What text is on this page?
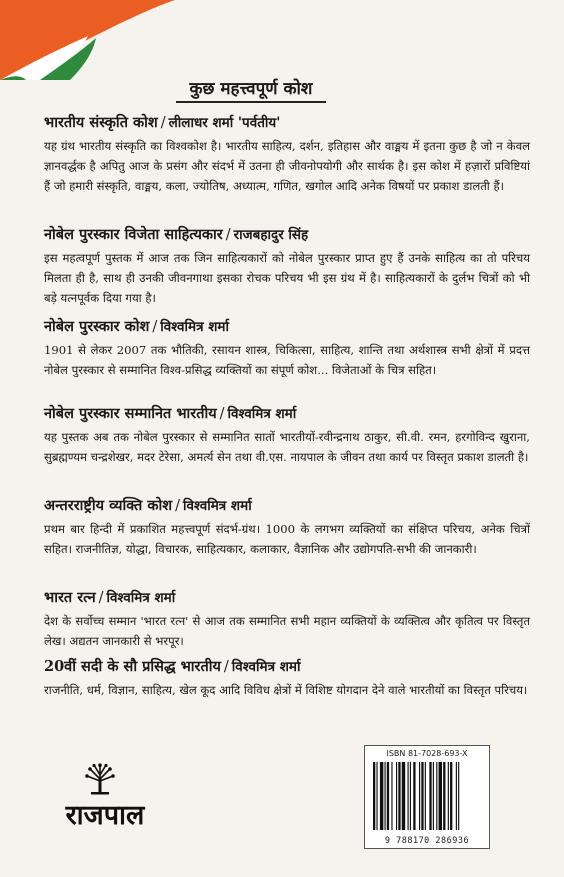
कुछ महत्त्वपूर्ण कोश
भारतीय संस्कृति कोश / लीलाधर शर्मा 'पर्वतीय'
यह ग्रंथ भारतीय संस्कृति का विश्वकोश है। भारतीय साहित्य, दर्शन, इतिहास और वाङ्मय में इतना कुछ है जो न केवल ज्ञानवर्द्धक है अपितु आज के प्रसंग और संदर्भ में उतना ही जीवनोपयोगी और सार्थक है। इस कोश में हज़ारों प्रविष्टियां हैं जो हमारी संस्कृति, वाङ्मय, कला, ज्योतिष, अध्यात्म, गणित, खगोल आदि अनेक विषयों पर प्रकाश डालती हैं।
नोबेल पुरस्कार विजेता साहित्यकार / राजबहादुर सिंह
इस महत्वपूर्ण पुस्तक में आज तक जिन साहित्यकारों को नोबेल पुरस्कार प्राप्त हुए हैं उनके साहित्य का तो परिचय मिलता ही है, साथ ही उनकी जीवनगाथा इसका रोचक परिचय भी इस ग्रंथ में है। साहित्यकारों के दुर्लभ चित्रों को भी बड़े यत्नपूर्वक दिया गया है।
नोबेल पुरस्कार कोश / विश्वमित्र शर्मा
1901 से लेकर 2007 तक भौतिकी, रसायन शास्त्र, चिकित्सा, साहित्य, शान्ति तथा अर्थशास्त्र सभी क्षेत्रों में प्रदत्त नोबेल पुरस्कार से सम्मानित विश्व-प्रसिद्ध व्यक्तियों का संपूर्ण कोश... विजेताओं के चित्र सहित।
नोबेल पुरस्कार सम्मानित भारतीय / विश्वमित्र शर्मा
यह पुस्तक अब तक नोबेल पुरस्कार से सम्मानित सातों भारतीयों-रवीन्द्रनाथ ठाकुर, सी.वी. रमन, हरगोविन्द खुराना, सुब्रह्मण्यम चन्द्रशेखर, मदर टेरेसा, अमर्त्य सेन तथा वी.एस. नायपाल के जीवन तथा कार्य पर विस्तृत प्रकाश डालती है।
अन्तरराष्ट्रीय व्यक्ति कोश / विश्वमित्र शर्मा
प्रथम बार हिन्दी में प्रकाशित महत्त्वपूर्ण संदर्भ-ग्रंथ। 1000 के लगभग व्यक्तियों का संक्षिप्त परिचय, अनेक चित्रों सहित। राजनीतिज्ञ, योद्धा, विचारक, साहित्यकार, कलाकार, वैज्ञानिक और उद्योगपति-सभी की जानकारी।
भारत रत्न / विश्वमित्र शर्मा
देश के सर्वोच्च सम्मान 'भारत रत्न' से आज तक सम्मानित सभी महान व्यक्तियों के व्यक्तित्व और कृतित्व पर विस्तृत लेख। अद्यतन जानकारी से भरपूर।
20वीं सदी के सौ प्रसिद्ध भारतीय / विश्वमित्र शर्मा
राजनीति, धर्म, विज्ञान, साहित्य, खेल कूद आदि विविध क्षेत्रों में विशिष्ट योगदान देने वाले भारतीयों का विस्तृत परिचय।
राजपाल
ISBN 81-7028-693-X
9 788170 286936
